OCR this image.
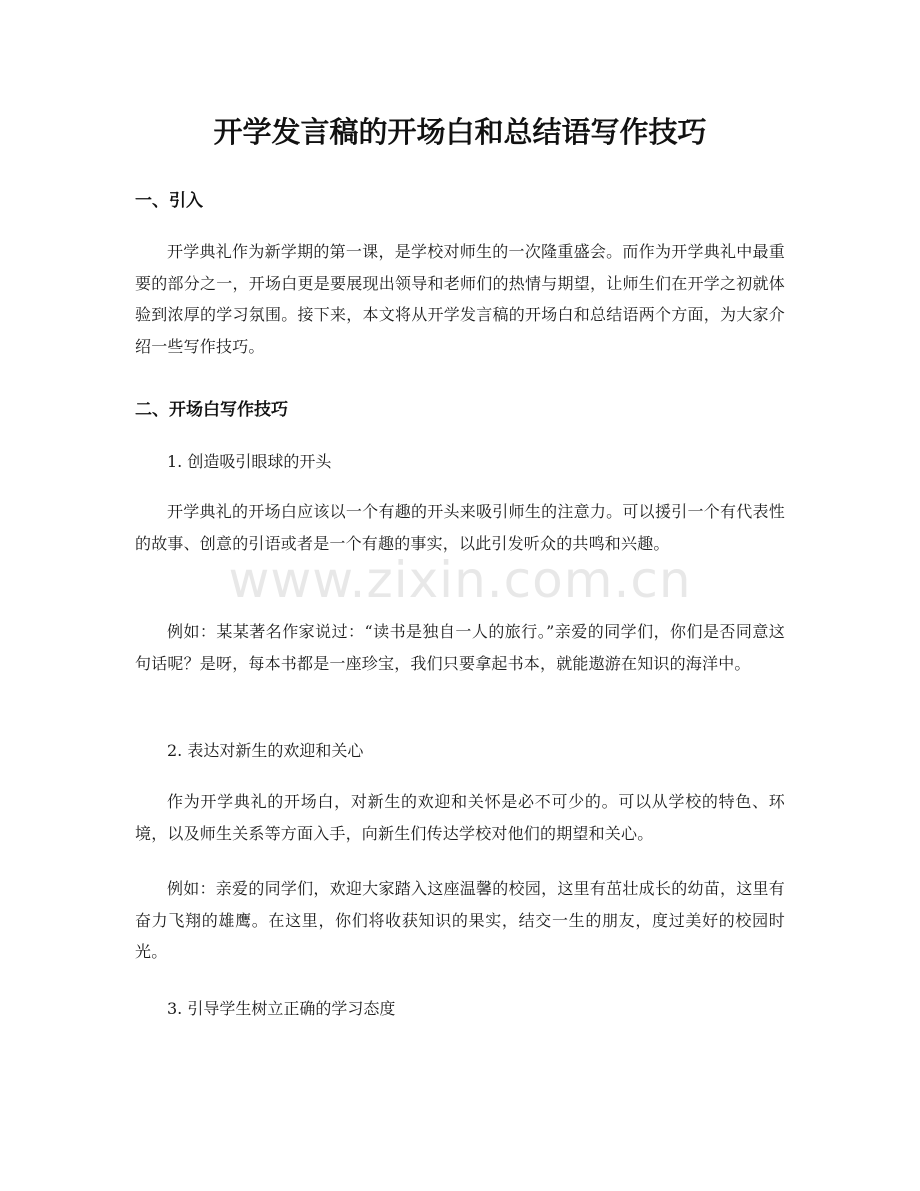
开学发言稿的开场白和总结语写作技巧
一、引入

开学典礼作为新学期的第一课，是学校对师生的一次隆重盛会。而作为开学典礼中最重要的部分之一，开场白更是要展现出领导和老师们的热情与期望，让师生们在开学之初就体验到浓厚的学习氛围。接下来，本文将从开学发言稿的开场白和总结语两个方面，为大家介绍一些写作技巧。

二、开场白写作技巧

1. 创造吸引眼球的开头

开学典礼的开场白应该以一个有趣的开头来吸引师生的注意力。可以援引一个有代表性的故事、创意的引语或者是一个有趣的事实，以此引发听众的共鸣和兴趣。

例如：某某著名作家说过：“读书是独自一人的旅行。”亲爱的同学们，你们是否同意这句话呢？是呀，每本书都是一座珍宝，我们只要拿起书本，就能遨游在知识的海洋中。

2. 表达对新生的欢迎和关心

作为开学典礼的开场白，对新生的欢迎和关怀是必不可少的。可以从学校的特色、环境，以及师生关系等方面入手，向新生们传达学校对他们的期望和关心。

例如：亲爱的同学们，欢迎大家踏入这座温馨的校园，这里有茁壮成长的幼苗，这里有奋力飞翔的雄鹰。在这里，你们将收获知识的果实，结交一生的朋友，度过美好的校园时光。

3. 引导学生树立正确的学习态度

www.zixin.com.cn
